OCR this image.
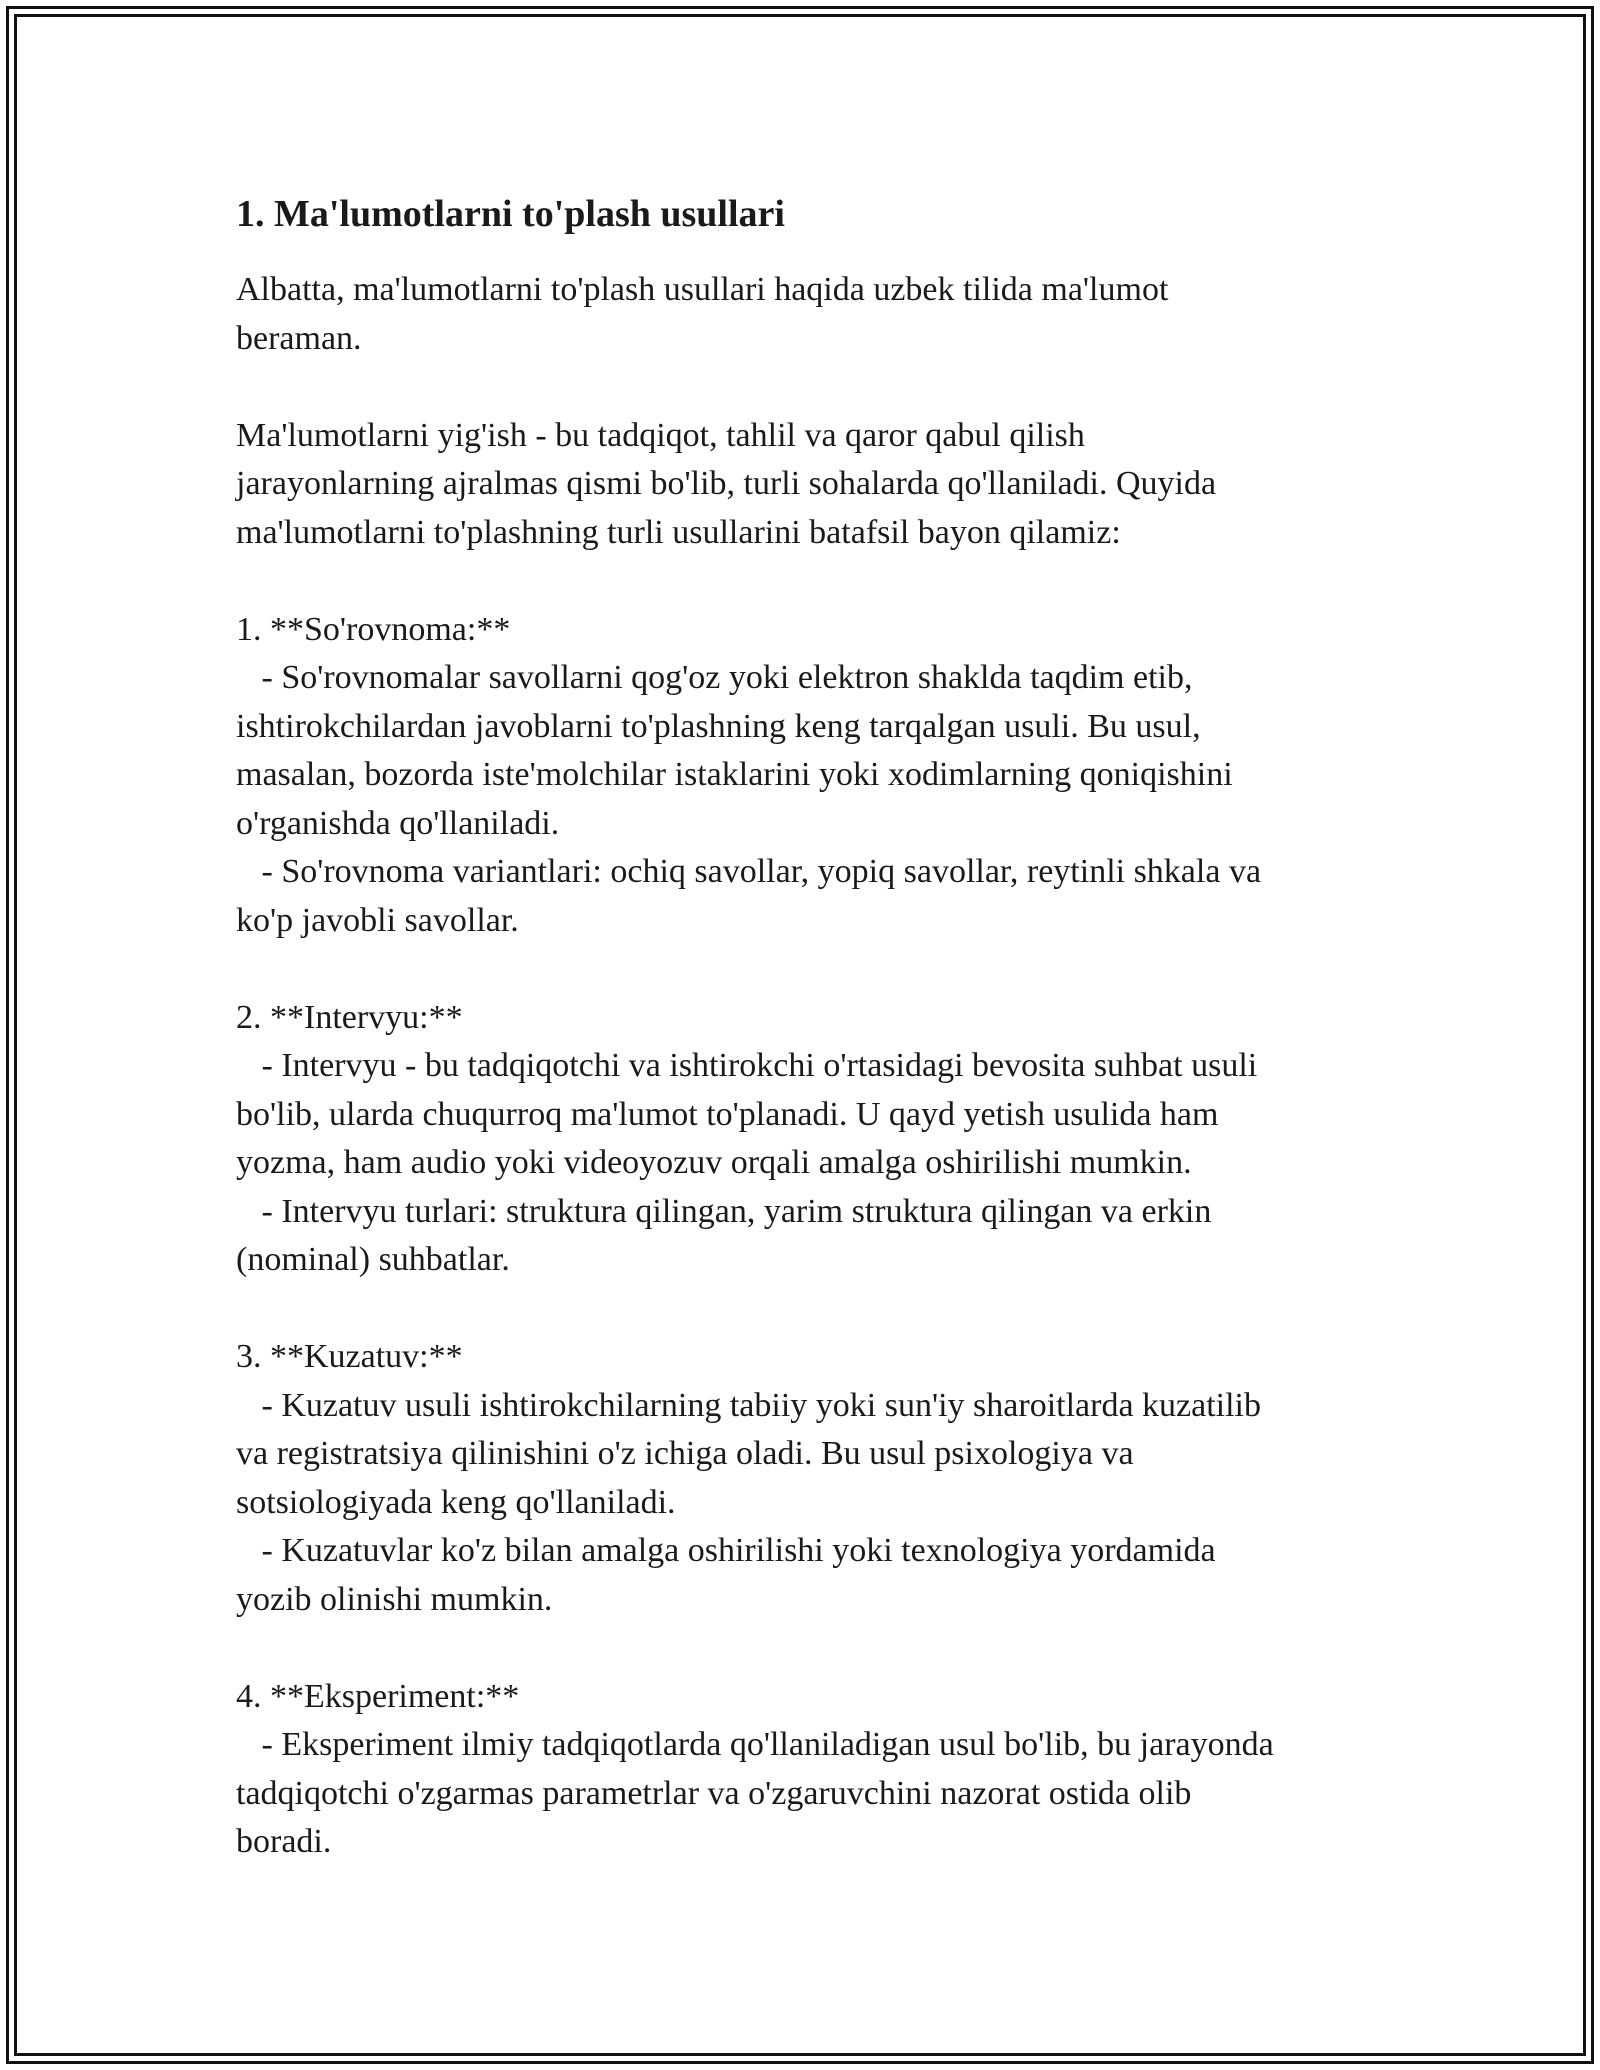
1. Ma'lumotlarni to'plash usullari

Albatta, ma'lumotlarni to'plash usullari haqida uzbek tilida ma'lumot
beraman.

Ma'lumotlarni yig'ish - bu tadqiqot, tahlil va qaror qabul qilish
jarayonlarning ajralmas qismi bo'lib, turli sohalarda qo'llaniladi. Quyida
ma'lumotlarni to'plashning turli usullarini batafsil bayon qilamiz:

1. **So'rovnoma:**
- So'rovnomalar savollarni qog'oz yoki elektron shaklda taqdim etib,
ishtirokchilardan javoblarni to'plashning keng tarqalgan usuli. Bu usul,
masalan, bozorda iste'molchilar istaklarini yoki xodimlarning qoniqishini
o'rganishda qo'llaniladi.
- So'rovnoma variantlari: ochiq savollar, yopiq savollar, reytinli shkala va
ko'p javobli savollar.

2. **Intervyu:**
- Intervyu - bu tadqiqotchi va ishtirokchi o'rtasidagi bevosita suhbat usuli
bo'lib, ularda chuqurroq ma'lumot to'planadi. U qayd yetish usulida ham
yozma, ham audio yoki videoyozuv orqali amalga oshirilishi mumkin.
- Intervyu turlari: struktura qilingan, yarim struktura qilingan va erkin
(nominal) suhbatlar.

3. **Kuzatuv:**
- Kuzatuv usuli ishtirokchilarning tabiiy yoki sun'iy sharoitlarda kuzatilib
va registratsiya qilinishini o'z ichiga oladi. Bu usul psixologiya va
sotsiologiyada keng qo'llaniladi.
- Kuzatuvlar ko'z bilan amalga oshirilishi yoki texnologiya yordamida
yozib olinishi mumkin.

4. **Eksperiment:**
- Eksperiment ilmiy tadqiqotlarda qo'llaniladigan usul bo'lib, bu jarayonda
tadqiqotchi o'zgarmas parametrlar va o'zgaruvchini nazorat ostida olib
boradi.
